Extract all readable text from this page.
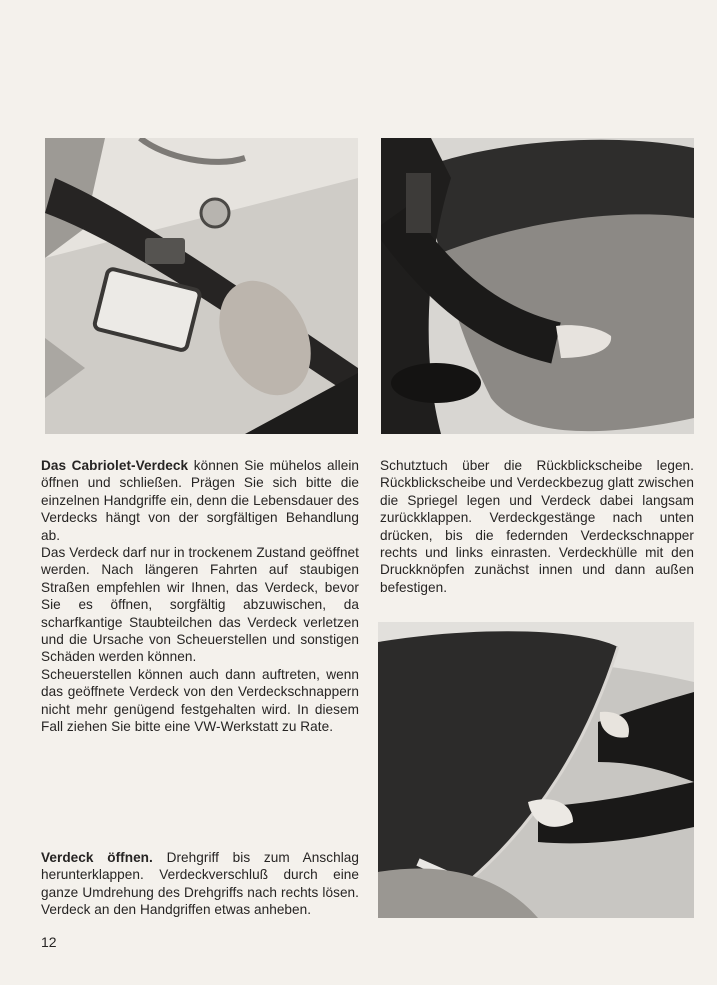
Das Cabriolet-Verdeck können Sie mühelos allein öffnen und schließen. Prägen Sie sich bitte die einzelnen Handgriffe ein, denn die Lebensdauer des Verdecks hängt von der sorgfältigen Behandlung ab.

Das Verdeck darf nur in trockenem Zustand geöffnet werden. Nach längeren Fahrten auf staubigen Straßen empfehlen wir Ihnen, das Verdeck, bevor Sie es öffnen, sorgfältig abzuwischen, da scharfkantige Staubteilchen das Verdeck verletzen und die Ursache von Scheuerstellen und sonstigen Schäden werden können.

Scheuerstellen können auch dann auftreten, wenn das geöffnete Verdeck von den Verdeckschnappern nicht mehr genügend festgehalten wird. In diesem Fall ziehen Sie bitte eine VW-Werkstatt zu Rate.

Schutztuch über die Rückblickscheibe legen. Rückblickscheibe und Verdeckbezug glatt zwischen die Spriegel legen und Verdeck dabei langsam zurückklappen. Verdeckgestänge nach unten drücken, bis die federnden Verdeckschnapper rechts und links einrasten. Verdeckhülle mit den Druckknöpfen zunächst innen und dann außen befestigen.

Verdeck öffnen. Drehgriff bis zum Anschlag herunterklappen. Verdeckverschluß durch eine ganze Umdrehung des Drehgriffs nach rechts lösen. Verdeck an den Handgriffen etwas anheben.

12
